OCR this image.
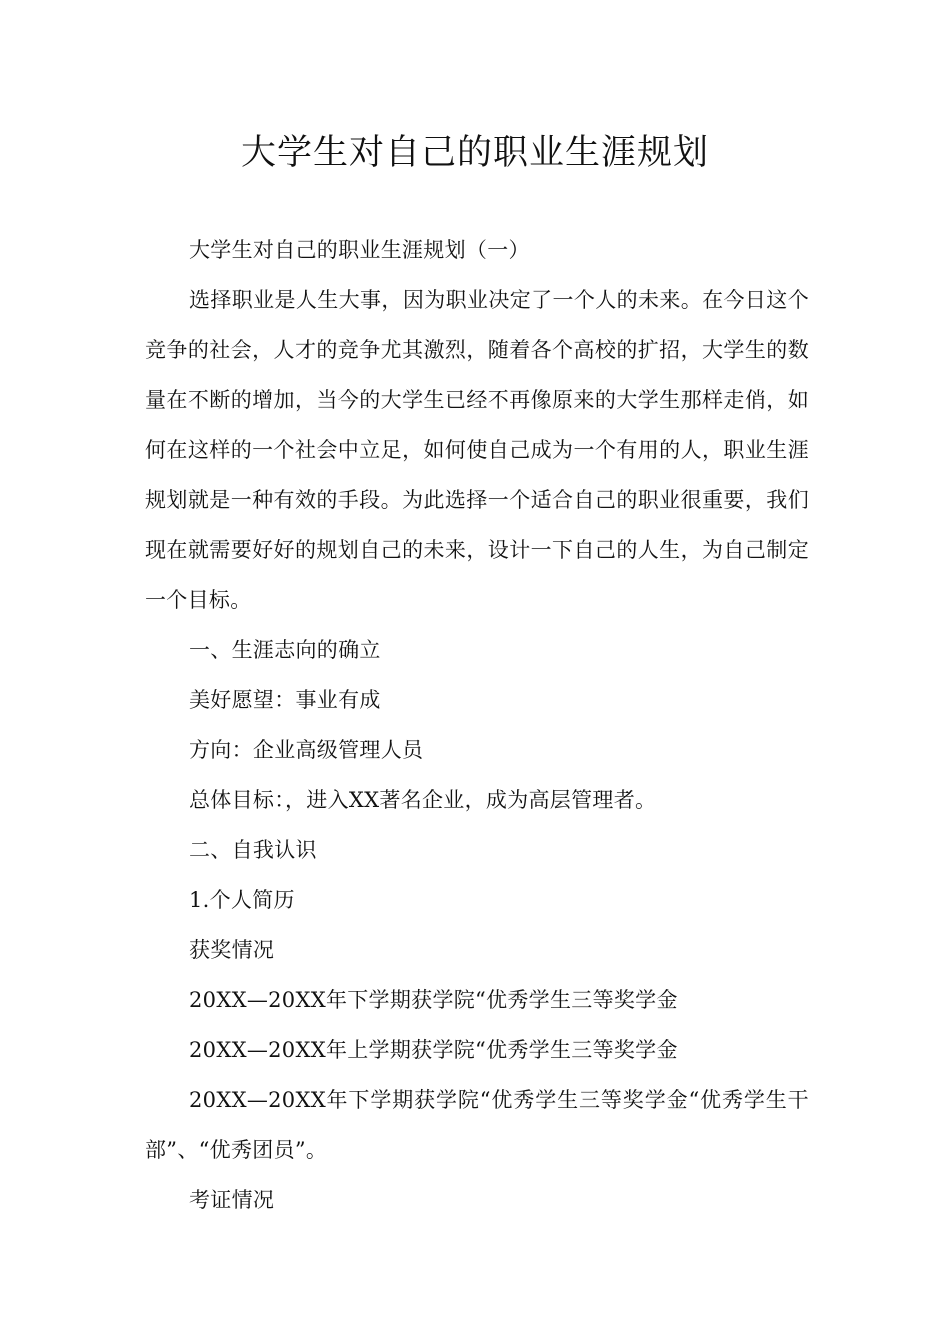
大学生对自己的职业生涯规划

大学生对自己的职业生涯规划（一）

选择职业是人生大事，因为职业决定了一个人的未来。在今日这个竞争的社会，人才的竞争尤其激烈，随着各个高校的扩招，大学生的数量在不断的增加，当今的大学生已经不再像原来的大学生那样走俏，如何在这样的一个社会中立足，如何使自己成为一个有用的人，职业生涯规划就是一种有效的手段。为此选择一个适合自己的职业很重要，我们现在就需要好好的规划自己的未来，设计一下自己的人生，为自己制定一个目标。

一、生涯志向的确立

美好愿望：事业有成

方向：企业高级管理人员

总体目标：，进入XX著名企业，成为高层管理者。

二、自我认识

1.个人简历

获奖情况

20XX—20XX年下学期获学院“优秀学生三等奖学金

20XX—20XX年上学期获学院“优秀学生三等奖学金

20XX—20XX年下学期获学院“优秀学生三等奖学金“优秀学生干部”、“优秀团员”。

考证情况
